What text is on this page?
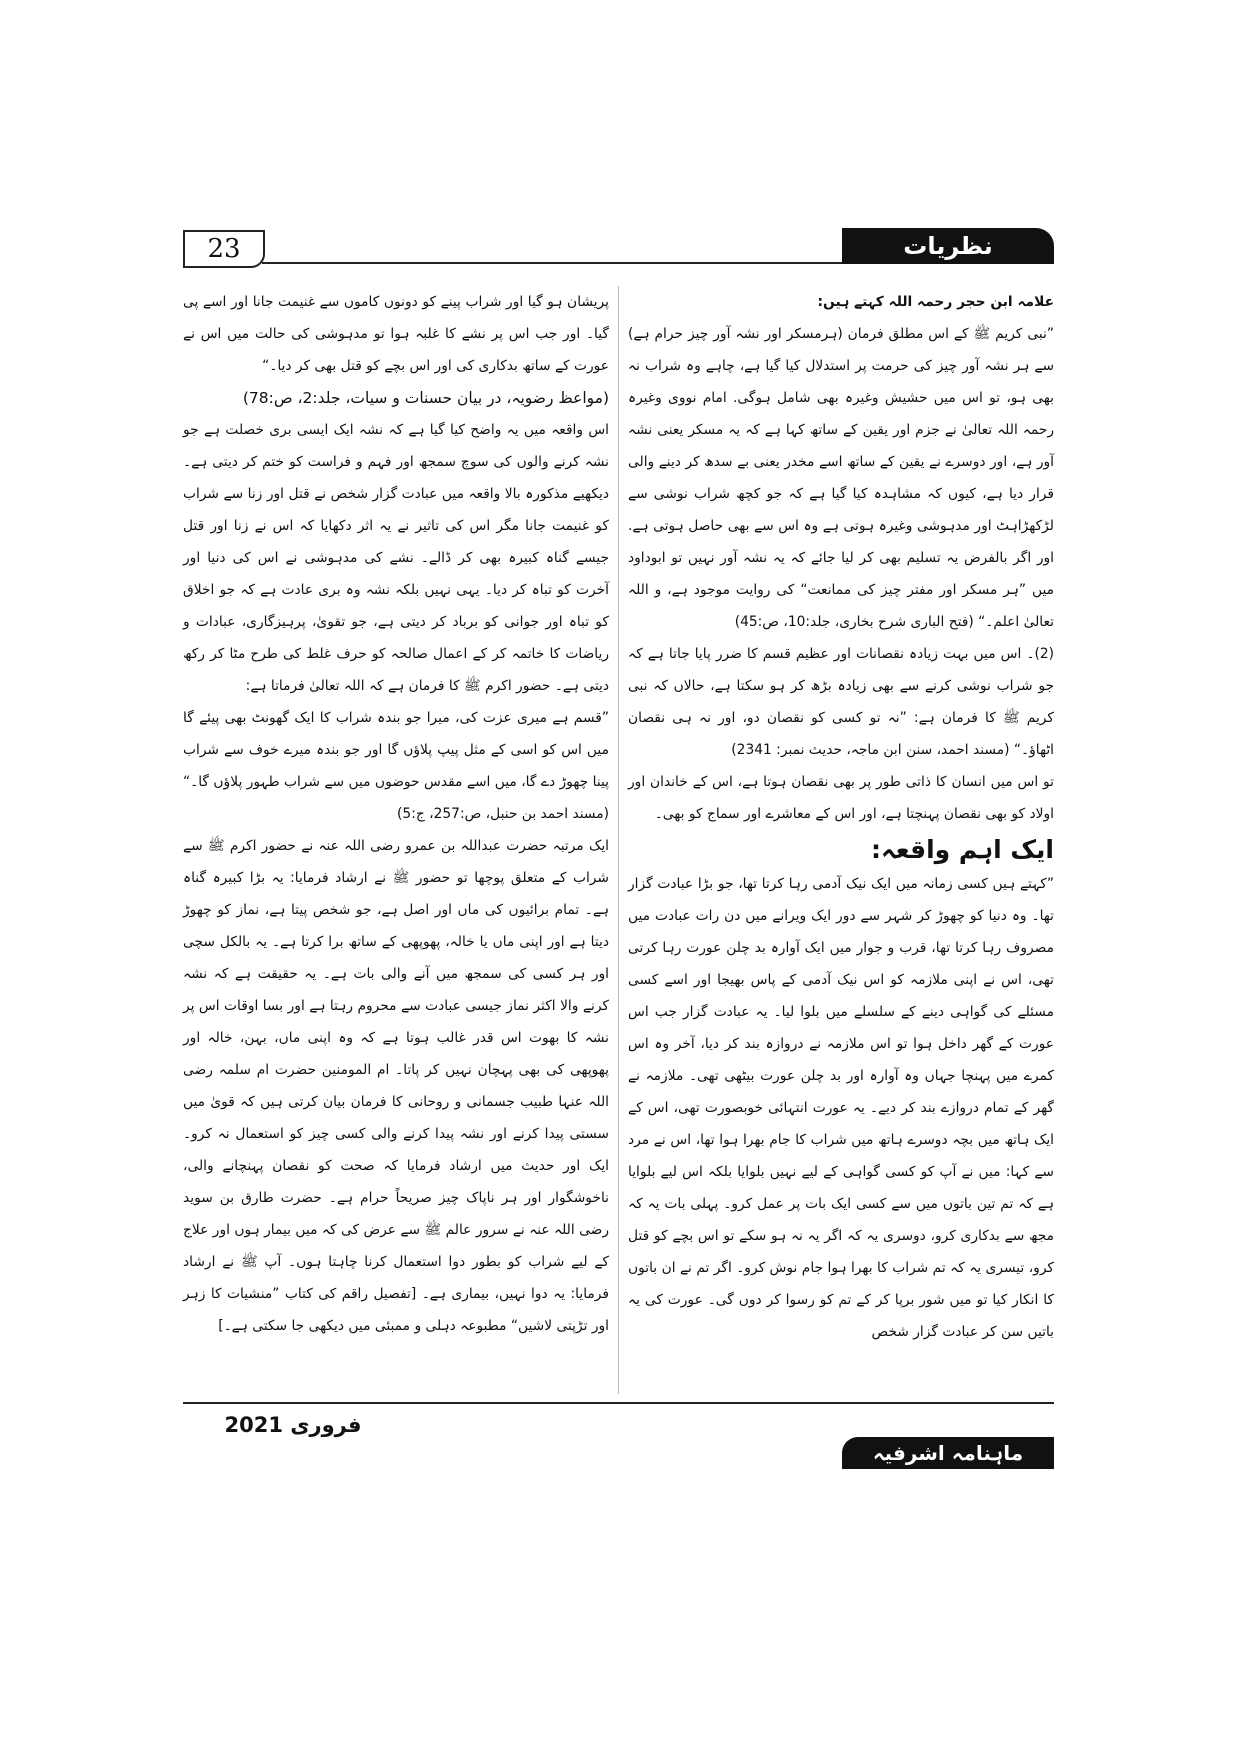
23	نظریات

علامہ ابن حجر رحمہ اللہ کہتے ہیں:

”نبی کریم ﷺ کے اس مطلق فرمان (ہرمسکر اور نشہ آور چیز حرام ہے) سے ہر نشہ آور چیز کی حرمت پر استدلال کیا گیا ہے، چاہے وہ شراب نہ بھی ہو، تو اس میں حشیش وغیرہ بھی شامل ہوگی. امام نووی وغیرہ رحمہ اللہ تعالیٰ نے جزم اور یقین کے ساتھ کہا ہے کہ یہ مسکر یعنی نشہ آور ہے، اور دوسرے نے یقین کے ساتھ اسے مخدر یعنی بے سدھ کر دینے والی قرار دیا ہے، کیوں کہ مشاہدہ کیا گیا ہے کہ جو کچھ شراب نوشی سے لڑکھڑاہٹ اور مدہوشی وغیرہ ہوتی ہے وہ اس سے بھی حاصل ہوتی ہے. اور اگر بالفرض یہ تسلیم بھی کر لیا جائے کہ یہ نشہ آور نہیں تو ابوداود میں ”ہر مسکر اور مفتر چیز کی ممانعت“ کی روایت موجود ہے، و اللہ تعالیٰ اعلم۔“ (فتح الباری شرح بخاری، جلد:10، ص:45)

(2)۔ اس میں بہت زیادہ نقصانات اور عظیم قسم کا ضرر پایا جاتا ہے کہ جو شراب نوشی کرنے سے بھی زیادہ بڑھ کر ہو سکتا ہے، حالاں کہ نبی کریم ﷺ کا فرمان ہے: ”نہ تو کسی کو نقصان دو، اور نہ ہی نقصان اٹھاؤ۔“ (مسند احمد، سنن ابن ماجہ، حدیث نمبر: 2341)

تو اس میں انسان کا ذاتی طور پر بھی نقصان ہوتا ہے، اس کے خاندان اور اولاد کو بھی نقصان پہنچتا ہے، اور اس کے معاشرے اور سماج کو بھی۔

ایک اہم واقعہ:

”کہتے ہیں کسی زمانہ میں ایک نیک آدمی رہا کرتا تھا، جو بڑا عبادت گزار تھا۔ وہ دنیا کو چھوڑ کر شہر سے دور ایک ویرانے میں دن رات عبادت میں مصروف رہا کرتا تھا، قرب و جوار میں ایک آوارہ بد چلن عورت رہا کرتی تھی، اس نے اپنی ملازمہ کو اس نیک آدمی کے پاس بھیجا اور اسے کسی مسئلے کی گواہی دینے کے سلسلے میں بلوا لیا۔ یہ عبادت گزار جب اس عورت کے گھر داخل ہوا تو اس ملازمہ نے دروازہ بند کر دیا، آخر وہ اس کمرے میں پہنچا جہاں وہ آوارہ اور بد چلن عورت بیٹھی تھی۔ ملازمہ نے گھر کے تمام دروازے بند کر دیے۔ یہ عورت انتہائی خوبصورت تھی، اس کے ایک ہاتھ میں بچہ دوسرے ہاتھ میں شراب کا جام بھرا ہوا تھا، اس نے مرد سے کہا: میں نے آپ کو کسی گواہی کے لیے نہیں بلوایا بلکہ اس لیے بلوایا ہے کہ تم تین باتوں میں سے کسی ایک بات پر عمل کرو۔ پہلی بات یہ کہ مجھ سے بدکاری کرو، دوسری یہ کہ اگر یہ نہ ہو سکے تو اس بچے کو قتل کرو، تیسری یہ کہ تم شراب کا بھرا ہوا جام نوش کرو۔ اگر تم نے ان باتوں کا انکار کیا تو میں شور برپا کر کے تم کو رسوا کر دوں گی۔ عورت کی یہ باتیں سن کر عبادت گزار شخص

پریشان ہو گیا اور شراب پینے کو دونوں کاموں سے غنیمت جانا اور اسے پی گیا۔ اور جب اس پر نشے کا غلبہ ہوا تو مدہوشی کی حالت میں اس نے عورت کے ساتھ بدکاری کی اور اس بچے کو قتل بھی کر دیا۔“

(مواعظ رضویہ، در بیان حسنات و سیات، جلد:2، ص:78)

اس واقعہ میں یہ واضح کیا گیا ہے کہ نشہ ایک ایسی بری خصلت ہے جو نشہ کرنے والوں کی سوچ سمجھ اور فہم و فراست کو ختم کر دیتی ہے۔ دیکھیے مذکورہ بالا واقعہ میں عبادت گزار شخص نے قتل اور زنا سے شراب کو غنیمت جانا مگر اس کی تاثیر نے یہ اثر دکھایا کہ اس نے زنا اور قتل جیسے گناہ کبیرہ بھی کر ڈالے۔ نشے کی مدہوشی نے اس کی دنیا اور آخرت کو تباہ کر دیا۔ یہی نہیں بلکہ نشہ وہ بری عادت ہے کہ جو اخلاق کو تباہ اور جوانی کو برباد کر دیتی ہے، جو تقویٰ، پرہیزگاری، عبادات و ریاضات کا خاتمہ کر کے اعمال صالحہ کو حرف غلط کی طرح مٹا کر رکھ دیتی ہے۔ حضور اکرم ﷺ کا فرمان ہے کہ اللہ تعالیٰ فرماتا ہے:

”قسم ہے میری عزت کی، میرا جو بندہ شراب کا ایک گھونٹ بھی پیئے گا میں اس کو اسی کے مثل پیپ پلاؤں گا اور جو بندہ میرے خوف سے شراب پینا چھوڑ دے گا، میں اسے مقدس حوضوں میں سے شراب طہور پلاؤں گا۔“ (مسند احمد بن حنبل، ص:257، ج:5)

ایک مرتبہ حضرت عبداللہ بن عمرو رضی اللہ عنہ نے حضور اکرم ﷺ سے شراب کے متعلق پوچھا تو حضور ﷺ نے ارشاد فرمایا: یہ بڑا کبیرہ گناہ ہے۔ تمام برائیوں کی ماں اور اصل ہے، جو شخص پیتا ہے، نماز کو چھوڑ دیتا ہے اور اپنی ماں یا خالہ، پھوپھی کے ساتھ برا کرتا ہے۔ یہ بالکل سچی اور ہر کسی کی سمجھ میں آنے والی بات ہے۔ یہ حقیقت ہے کہ نشہ کرنے والا اکثر نماز جیسی عبادت سے محروم رہتا ہے اور بسا اوقات اس پر نشہ کا بھوت اس قدر غالب ہوتا ہے کہ وہ اپنی ماں، بہن، خالہ اور پھوپھی کی بھی پہچان نہیں کر پاتا۔ ام المومنین حضرت ام سلمہ رضی اللہ عنہا طبیب جسمانی و روحانی کا فرمان بیان کرتی ہیں کہ قویٰ میں سستی پیدا کرنے اور نشہ پیدا کرنے والی کسی چیز کو استعمال نہ کرو۔ ایک اور حدیث میں ارشاد فرمایا کہ صحت کو نقصان پہنچانے والی، ناخوشگوار اور ہر ناپاک چیز صریحاً حرام ہے۔ حضرت طارق بن سوید رضی اللہ عنہ نے سرور عالم ﷺ سے عرض کی کہ میں بیمار ہوں اور علاج کے لیے شراب کو بطور دوا استعمال کرنا چاہتا ہوں۔ آپ ﷺ نے ارشاد فرمایا: یہ دوا نہیں، بیماری ہے۔ [تفصیل راقم کی کتاب ”منشیات کا زہر اور تڑپتی لاشیں“ مطبوعہ دہلی و ممبئی میں دیکھی جا سکتی ہے۔]

فروری 2021
ماہنامہ اشرفیہ
